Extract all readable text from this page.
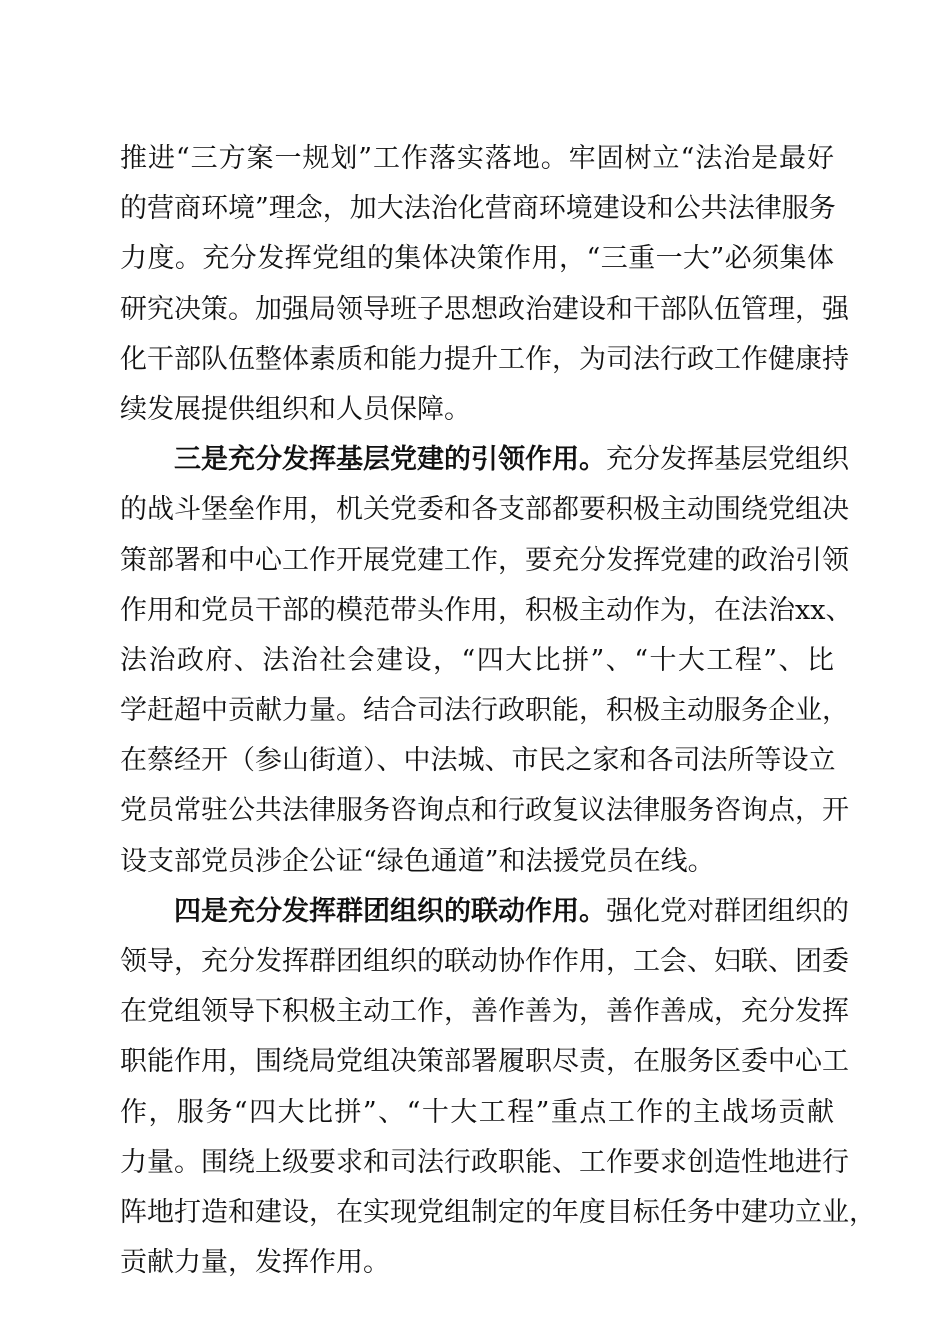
推进“三方案一规划”工作落实落地。牢固树立“法治是最好
的营商环境”理念，加大法治化营商环境建设和公共法律服务
力度。充分发挥党组的集体决策作用，“三重一大”必须集体
研究决策。加强局领导班子思想政治建设和干部队伍管理，强
化干部队伍整体素质和能力提升工作，为司法行政工作健康持
续发展提供组织和人员保障。
三是充分发挥基层党建的引领作用。充分发挥基层党组织
的战斗堡垒作用，机关党委和各支部都要积极主动围绕党组决
策部署和中心工作开展党建工作，要充分发挥党建的政治引领
作用和党员干部的模范带头作用，积极主动作为，在法治xx、
法治政府、法治社会建设，“四大比拼”、“十大工程”、比
学赶超中贡献力量。结合司法行政职能，积极主动服务企业，
在蔡经开（参山街道）、中法城、市民之家和各司法所等设立
党员常驻公共法律服务咨询点和行政复议法律服务咨询点，开
设支部党员涉企公证“绿色通道”和法援党员在线。
四是充分发挥群团组织的联动作用。强化党对群团组织的
领导，充分发挥群团组织的联动协作作用，工会、妇联、团委
在党组领导下积极主动工作，善作善为，善作善成，充分发挥
职能作用，围绕局党组决策部署履职尽责，在服务区委中心工
作，服务“四大比拼”、“十大工程”重点工作的主战场贡献
力量。围绕上级要求和司法行政职能、工作要求创造性地进行
阵地打造和建设，在实现党组制定的年度目标任务中建功立业，
贡献力量，发挥作用。
